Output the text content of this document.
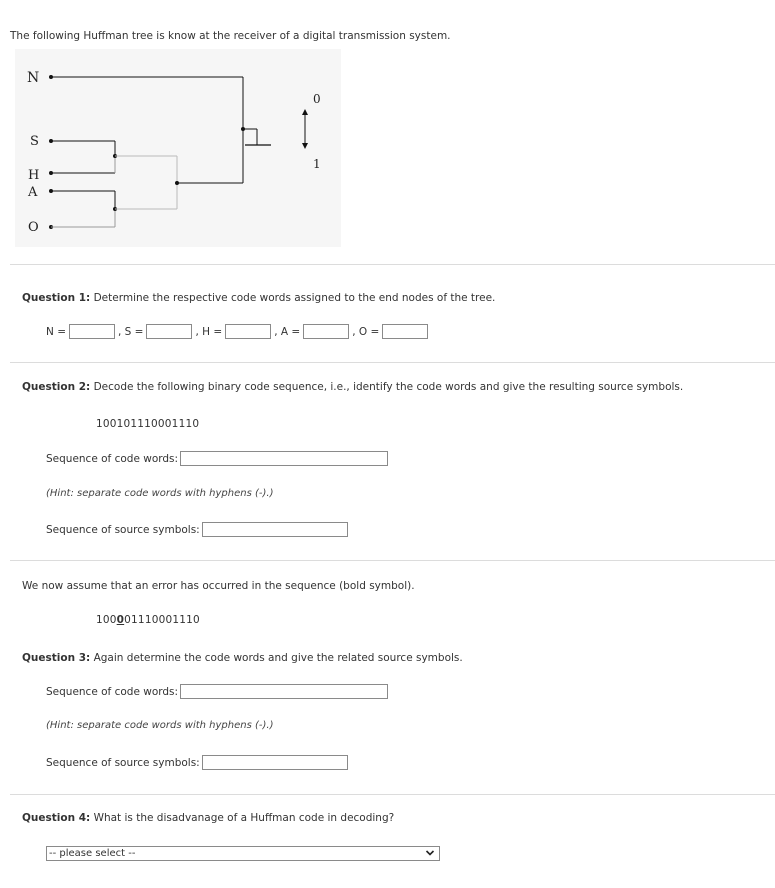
The following Huffman tree is know at the receiver of a digital transmission system.
N
S
H
A
O
0
1
Question 1: Determine the respective code words assigned to the end nodes of the tree.
N =	, S =	, H =	, A =	, O =
Question 2: Decode the following binary code sequence, i.e., identify the code words and give the resulting source symbols.
100101110001110
Sequence of code words:
(Hint: separate code words with hyphens (-).)
Sequence of source symbols:
We now assume that an error has occurred in the sequence (bold symbol).
100001110001110
Question 3: Again determine the code words and give the related source symbols.
Sequence of code words:
(Hint: separate code words with hyphens (-).)
Sequence of source symbols:
Question 4: What is the disadvanage of a Huffman code in decoding?
-- please select --
